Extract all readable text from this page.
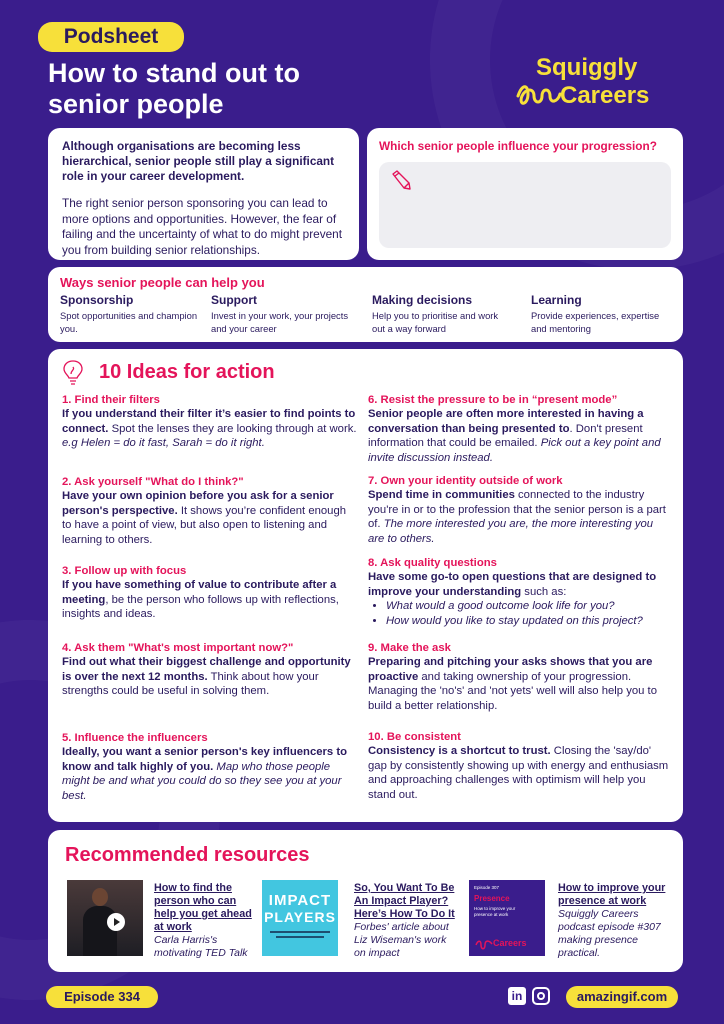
Podsheet
How to stand out to senior people
Squiggly
Careers
Although organisations are becoming less hierarchical, senior people still play a significant role in your career development.
The right senior person sponsoring you can lead to more options and opportunities. However, the fear of failing and the uncertainty of what to do might prevent you from building senior relationships.
Which senior people influence your progression?
Ways senior people can help you
Sponsorship
Spot opportunities and champion you.
Support
Invest in your work, your projects and your career
Making decisions
Help you to prioritise and work out a way forward
Learning
Provide experiences, expertise and mentoring
10 Ideas for action
1. Find their filters
If you understand their filter it’s easier to find points to connect. Spot the lenses they are looking through at work. e.g Helen = do it fast, Sarah = do it right.
2. Ask yourself "What do I think?"
Have your own opinion before you ask for a senior person's perspective. It shows you’re confident enough to have a point of view, but also open to listening and learning to others.
3. Follow up with focus
If you have something of value to contribute after a meeting, be the person who follows up with reflections, insights and ideas.
4. Ask them "What's most important now?"
Find out what their biggest challenge and opportunity is over the next 12 months. Think about how your strengths could be useful in solving them.
5. Influence the influencers
Ideally, you want a senior person's key influencers to know and talk highly of you. Map who those people might be and what you could do so they see you at your best.
6. Resist the pressure to be in “present mode”
Senior people are often more interested in having a conversation than being presented to. Don't present information that could be emailed. Pick out a key point and invite discussion instead.
7. Own your identity outside of work
Spend time in communities connected to the industry you're in or to the profession that the senior person is a part of. The more interested you are, the more interesting you are to others.
8. Ask quality questions
Have some go-to open questions that are designed to improve your understanding such as:
• What would a good outcome look life for you?
• How would you like to stay updated on this project?
9. Make the ask
Preparing and pitching your asks shows that you are proactive and taking ownership of your progression. Managing the 'no's' and 'not yets' well will also help you to build a better relationship.
10. Be consistent
Consistency is a shortcut to trust. Closing the 'say/do' gap by consistently showing up with energy and enthusiasm and approaching challenges with optimism will help you stand out.
Recommended resources
How to find the person who can help you get ahead at work
Carla Harris's motivating TED Talk
IMPACT
PLAYERS
So, You Want To Be An Impact Player? Here’s How To Do It
Forbes' article about Liz Wiseman's work on impact
Episode 307
Presence
How to improve your presence at work
Careers
How to improve your presence at work
Squiggly Careers podcast episode #307 making presence practical.
Episode 334	in	amazingif.com
